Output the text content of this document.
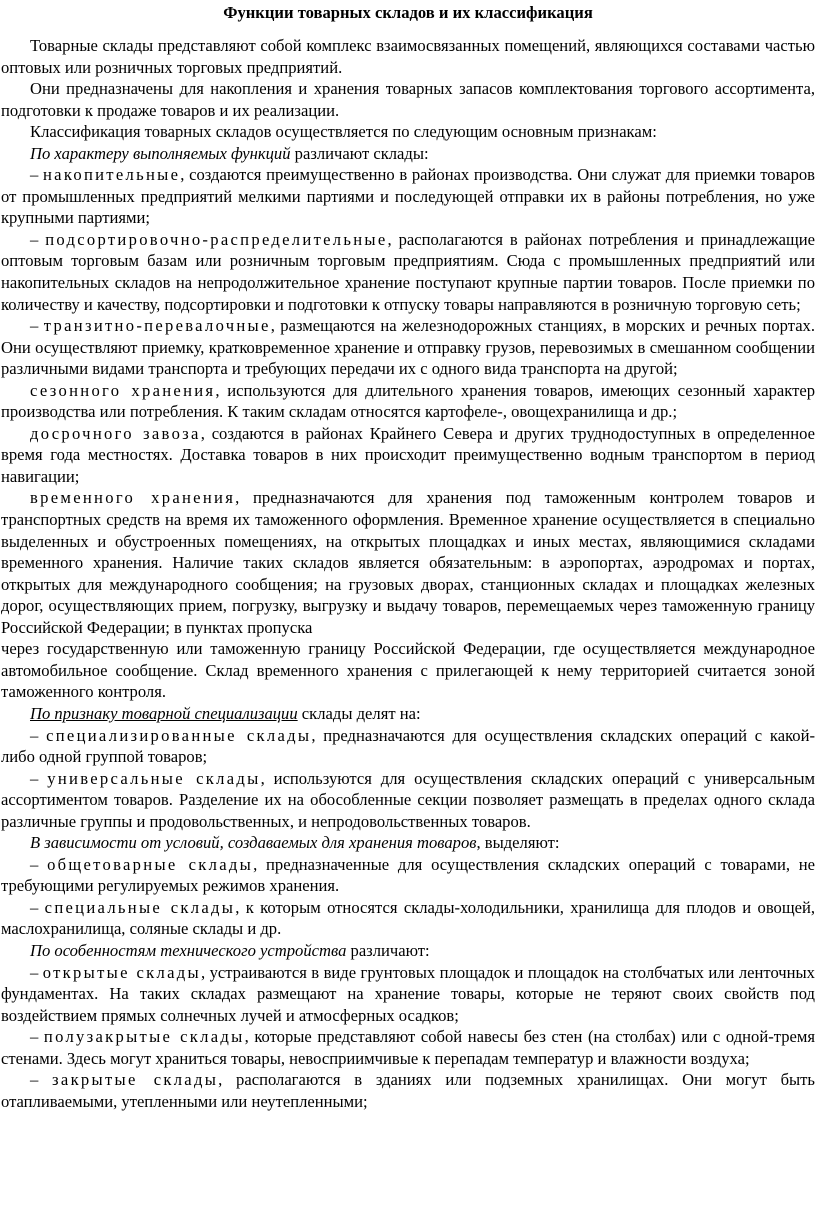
Функции товарных складов и их классификация

Товарные склады представляют собой комплекс взаимосвязанных помещений, являющихся составами частью оптовых или розничных торговых предприятий.

Они предназначены для накопления и хранения товарных запасов комплектования торгового ассортимента, подготовки к продаже товаров и их реализации.

Классификация товарных складов осуществляется по следующим основным признакам:

По характеру выполняемых функций различают склады:

– накопительные, создаются преимущественно в районах производства. Они служат для приемки товаров от промышленных предприятий мелкими партиями и последующей отправки их в районы потребления, но уже крупными партиями;

– подсортировочно-распределительные, располагаются в районах потребления и принадлежащие оптовым торговым базам или розничным торговым предприятиям. Сюда с промышленных предприятий или накопительных складов на непродолжительное хранение поступают крупные партии товаров. После приемки по количеству и качеству, подсортировки и подготовки к отпуску товары направляются в розничную торговую сеть;

– транзитно-перевалочные, размещаются на железнодорожных станциях, в морских и речных портах. Они осуществляют приемку, кратковременное хранение и отправку грузов, перевозимых в смешанном сообщении различными видами транспорта и требующих передачи их с одного вида транспорта на другой;

сезонного хранения, используются для длительного хранения товаров, имеющих сезонный характер производства или потребления. К таким складам относятся картофеле-, овощехранилища и др.;

досрочного завоза, создаются в районах Крайнего Севера и других труднодоступных в определенное время года местностях. Доставка товаров в них происходит преимущественно водным транспортом в период навигации;

временного хранения, предназначаются для хранения под таможенным контролем товаров и транспортных средств на время их таможенного оформления. Временное хранение осуществляется в специально выделенных и обустроенных помещениях, на открытых площадках и иных местах, являющимися складами временного хранения. Наличие таких складов является обязательным: в аэропортах, аэродромах и портах, открытых для международного сообщения; на грузовых дворах, станционных складах и площадках железных дорог, осуществляющих прием, погрузку, выгрузку и выдачу товаров, перемещаемых через таможенную границу Российской Федерации; в пунктах пропуска

через государственную или таможенную границу Российской Федерации, где осуществляется международное автомобильное сообщение. Склад временного хранения с прилегающей к нему территорией считается зоной таможенного контроля.

По признаку товарной специализации склады делят на:

– специализированные склады, предназначаются для осуществления складских операций с какой-либо одной группой товаров;

– универсальные склады, используются для осуществления складских операций с универсальным ассортиментом товаров. Разделение их на обособленные секции позволяет размещать в пределах одного склада различные группы и продовольственных, и непродовольственных товаров.

В зависимости от условий, создаваемых для хранения товаров, выделяют:

– общетоварные склады, предназначенные для осуществления складских операций с товарами, не требующими регулируемых режимов хранения.

– специальные склады, к которым относятся склады-холодильники, хранилища для плодов и овощей, маслохранилища, соляные склады и др.

По особенностям технического устройства различают:

– открытые склады, устраиваются в виде грунтовых площадок и площадок на столбчатых или ленточных фундаментах. На таких складах размещают на хранение товары, которые не теряют своих свойств под воздействием прямых солнечных лучей и атмосферных осадков;

– полузакрытые склады, которые представляют собой навесы без стен (на столбах) или с одной-тремя стенами. Здесь могут храниться товары, невосприимчивые к перепадам температур и влажности воздуха;

– закрытые склады, располагаются в зданиях или подземных хранилищах. Они могут быть отапливаемыми, утепленными или неутепленными;
